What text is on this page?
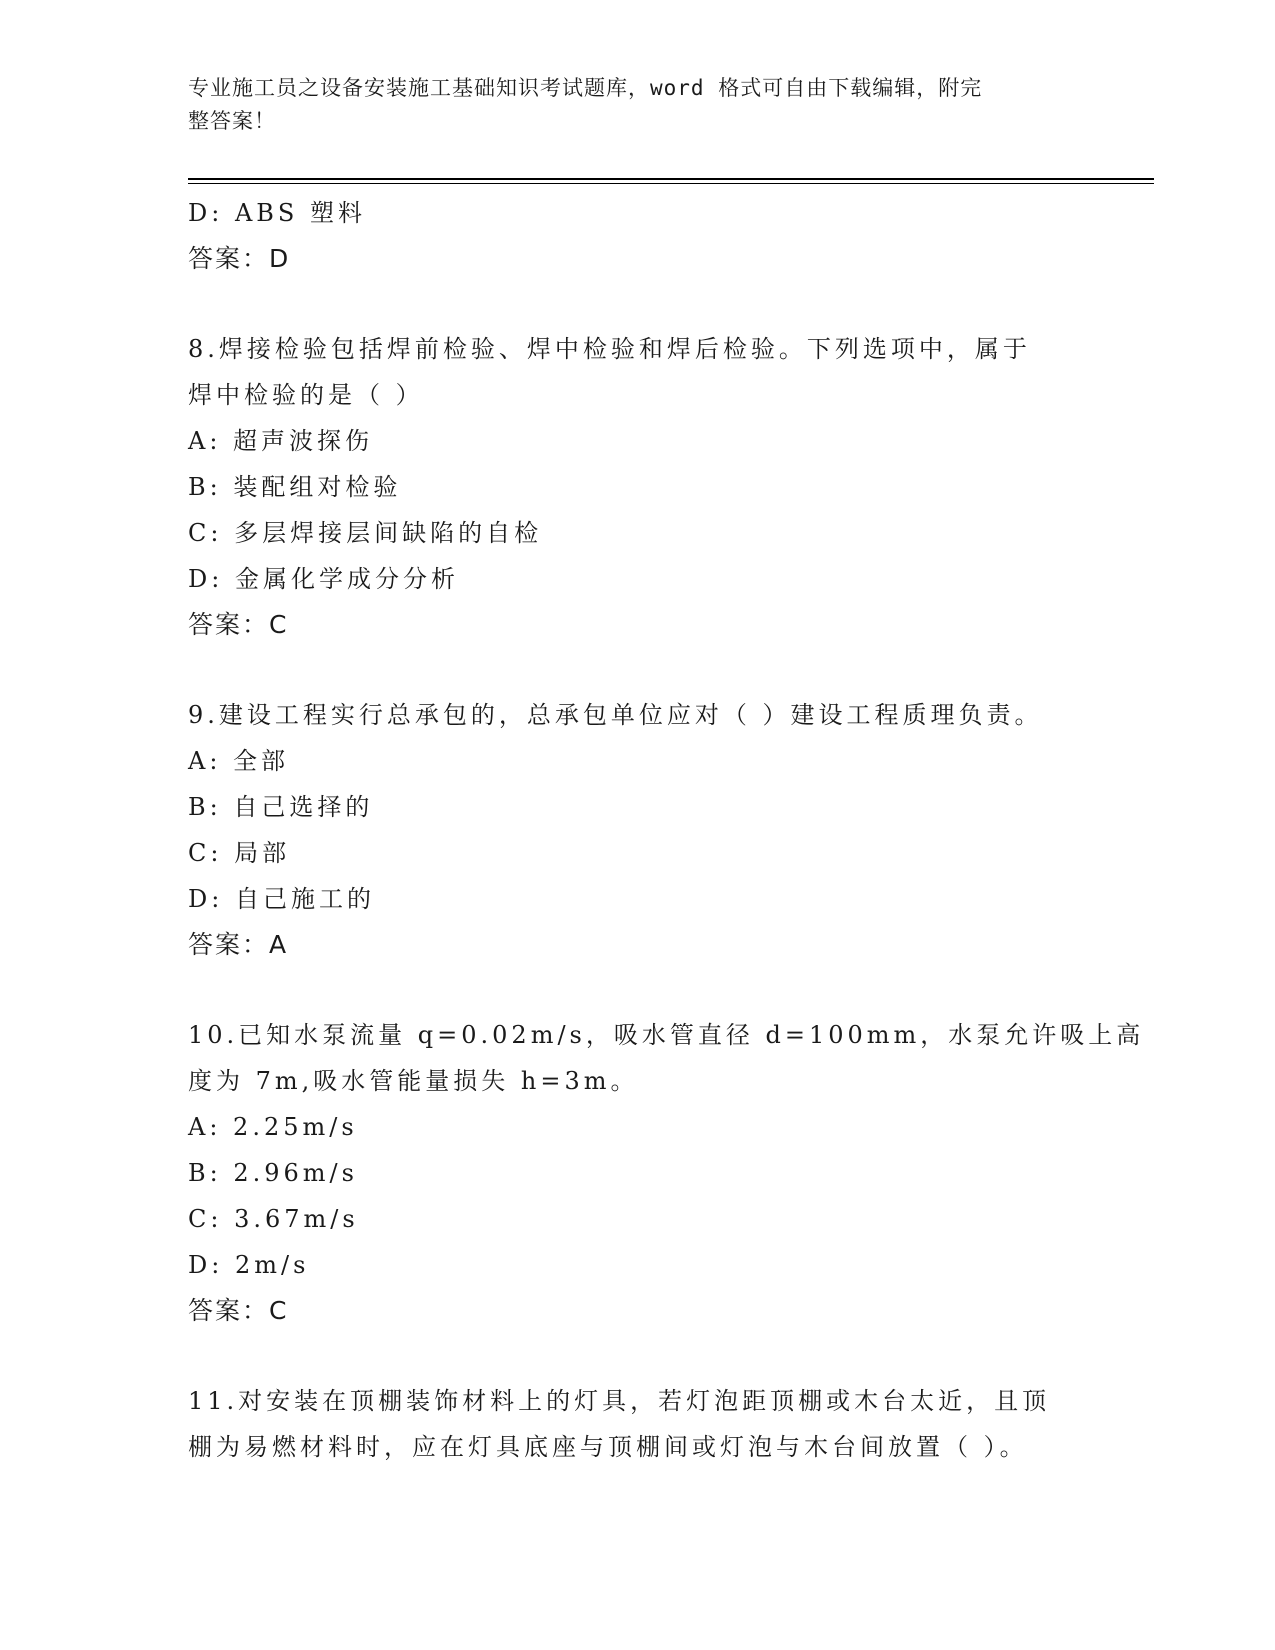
专业施工员之设备安装施工基础知识考试题库，word 格式可自由下载编辑，附完
整答案！
D: ABS 塑料
答案：D
8.焊接检验包括焊前检验、焊中检验和焊后检验。下列选项中，属于
焊中检验的是（ ）
A: 超声波探伤
B: 装配组对检验
C: 多层焊接层间缺陷的自检
D: 金属化学成分分析
答案：C
9.建设工程实行总承包的，总承包单位应对（ ）建设工程质理负责。
A: 全部
B: 自己选择的
C: 局部
D: 自己施工的
答案：A
10.已知水泵流量 q=0.02m/s，吸水管直径 d=100mm，水泵允许吸上高
度为 7m,吸水管能量损失 h=3m。
A: 2.25m/s
B: 2.96m/s
C: 3.67m/s
D: 2m/s
答案：C
11.对安装在顶棚装饰材料上的灯具，若灯泡距顶棚或木台太近，且顶
棚为易燃材料时，应在灯具底座与顶棚间或灯泡与木台间放置（ ）。
